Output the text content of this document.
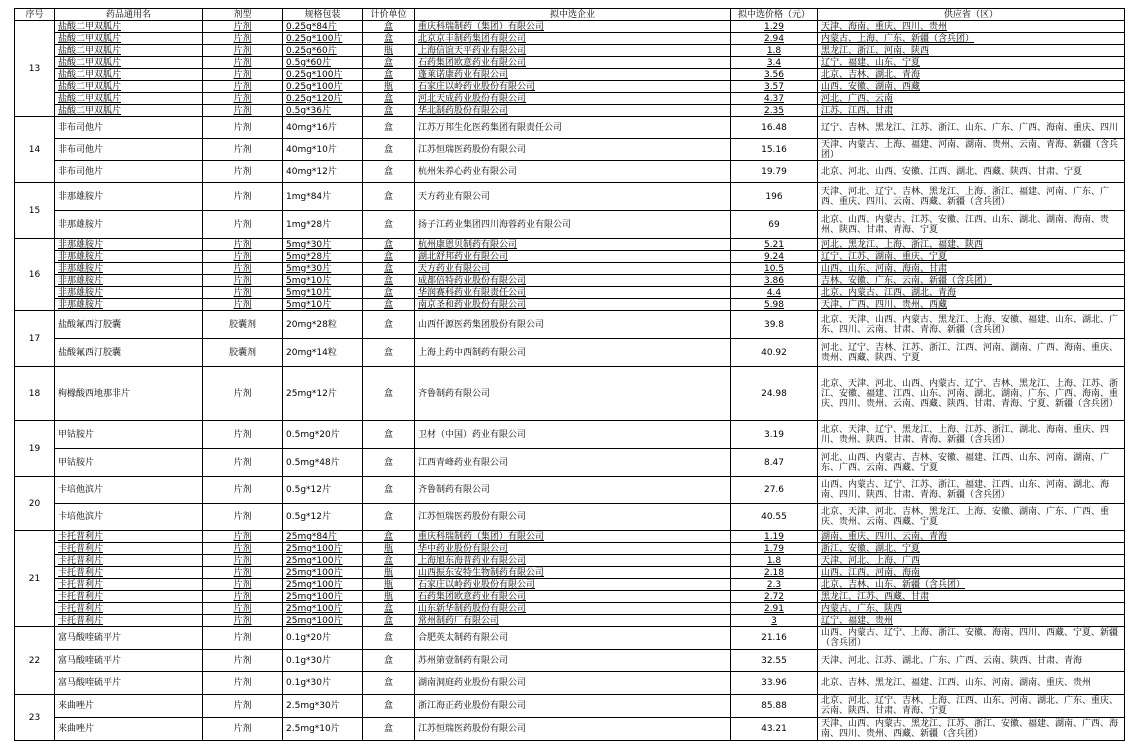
序号	药品通用名	剂型	规格包装	计价单位	拟中选企业	拟中选价格（元）	供应省（区）
13	盐酸二甲双胍片	片剂	0.25g*84片	盒	重庆科瑞制药（集团）有限公司	1.29	天津、海南、重庆、四川、贵州
	盐酸二甲双胍片	片剂	0.25g*100片	盒	北京京丰制药集团有限公司	2.94	内蒙古、上海、广东、新疆（含兵团）
	盐酸二甲双胍片	片剂	0.25g*60片	瓶	上海信谊天平药业有限公司	1.8	黑龙江、浙江、河南、陕西
	盐酸二甲双胍片	片剂	0.5g*60片	盒	石药集团欧意药业有限公司	3.4	辽宁、福建、山东、宁夏
	盐酸二甲双胍片	片剂	0.25g*100片	盒	蓬莱诺康药业有限公司	3.56	北京、吉林、湖北、青海
	盐酸二甲双胍片	片剂	0.25g*100片	瓶	石家庄以岭药业股份有限公司	3.57	山西、安徽、湖南、西藏
	盐酸二甲双胍片	片剂	0.25g*120片	盒	河北天成药业股份有限公司	4.37	河北、广西、云南
	盐酸二甲双胍片	片剂	0.5g*36片	盒	华北制药股份有限公司	2.35	江苏、江西、甘肃
14	非布司他片	片剂	40mg*16片	盒	江苏万邦生化医药集团有限责任公司	16.48	辽宁、吉林、黑龙江、江苏、浙江、山东、广东、广西、海南、重庆、四川
	非布司他片	片剂	40mg*10片	盒	江苏恒瑞医药股份有限公司	15.16	天津、内蒙古、上海、福建、河南、湖南、贵州、云南、青海、新疆（含兵团）
	非布司他片	片剂	40mg*12片	盒	杭州朱养心药业有限公司	19.79	北京、河北、山西、安徽、江西、湖北、西藏、陕西、甘肃、宁夏
15	非那雄胺片	片剂	1mg*84片	盒	天方药业有限公司	196	天津、河北、辽宁、吉林、黑龙江、上海、浙江、福建、河南、广东、广西、重庆、四川、云南、西藏、新疆（含兵团）
	非那雄胺片	片剂	1mg*28片	盒	扬子江药业集团四川海蓉药业有限公司	69	北京、山西、内蒙古、江苏、安徽、江西、山东、湖北、湖南、海南、贵州、陕西、甘肃、青海、宁夏
16	非那雄胺片	片剂	5mg*30片	盒	杭州康恩贝制药有限公司	5.21	河北、黑龙江、上海、浙江、福建、陕西
	非那雄胺片	片剂	5mg*28片	盒	湖北舒邦药业有限公司	9.24	辽宁、江苏、湖南、重庆、宁夏
	非那雄胺片	片剂	5mg*30片	盒	天方药业有限公司	10.5	山西、山东、河南、海南、甘肃
	非那雄胺片	片剂	5mg*10片	盒	成都倍特药业股份有限公司	3.86	吉林、安徽、广东、云南、新疆（含兵团）
	非那雄胺片	片剂	5mg*10片	盒	华润赛科药业有限责任公司	4.4	北京、内蒙古、江西、湖北、青海
	非那雄胺片	片剂	5mg*10片	盒	南京圣和药业股份有限公司	5.98	天津、广西、四川、贵州、西藏
17	盐酸氟西汀胶囊	胶囊剂	20mg*28粒	盒	山西仟源医药集团股份有限公司	39.8	北京、天津、山西、内蒙古、黑龙江、上海、安徽、福建、山东、湖北、广东、四川、云南、甘肃、青海、新疆（含兵团）
	盐酸氟西汀胶囊	胶囊剂	20mg*14粒	盒	上海上药中西制药有限公司	40.92	河北、辽宁、吉林、江苏、浙江、江西、河南、湖南、广西、海南、重庆、贵州、西藏、陕西、宁夏
18	枸橼酸西地那非片	片剂	25mg*12片	盒	齐鲁制药有限公司	24.98	北京、天津、河北、山西、内蒙古、辽宁、吉林、黑龙江、上海、江苏、浙江、安徽、福建、江西、山东、河南、湖北、湖南、广东、广西、海南、重庆、四川、贵州、云南、西藏、陕西、甘肃、青海、宁夏、新疆（含兵团）
19	甲钴胺片	片剂	0.5mg*20片	盒	卫材（中国）药业有限公司	3.19	北京、天津、辽宁、黑龙江、上海、江苏、浙江、湖北、海南、重庆、四川、贵州、陕西、甘肃、青海、新疆（含兵团）
	甲钴胺片	片剂	0.5mg*48片	盒	江西青峰药业有限公司	8.47	河北、山西、内蒙古、吉林、安徽、福建、江西、山东、河南、湖南、广东、广西、云南、西藏、宁夏
20	卡培他滨片	片剂	0.5g*12片	盒	齐鲁制药有限公司	27.6	山西、内蒙古、辽宁、江苏、浙江、福建、江西、山东、河南、湖北、海南、四川、陕西、甘肃、青海、新疆（含兵团）
	卡培他滨片	片剂	0.5g*12片	盒	江苏恒瑞医药股份有限公司	40.55	北京、天津、河北、吉林、黑龙江、上海、安徽、湖南、广东、广西、重庆、贵州、云南、西藏、宁夏
21	卡托普利片	片剂	25mg*84片	盒	重庆科瑞制药（集团）有限公司	1.19	湖南、重庆、四川、云南、青海
	卡托普利片	片剂	25mg*100片	瓶	华中药业股份有限公司	1.79	浙江、安徽、湖北、宁夏
	卡托普利片	片剂	25mg*100片	盒	上海旭东海普药业有限公司	1.8	天津、河北、上海、广西
	卡托普利片	片剂	25mg*100片	瓶	山西振东安特生物制药有限公司	2.18	山西、江西、河南、海南
	卡托普利片	片剂	25mg*100片	瓶	石家庄以岭药业股份有限公司	2.3	北京、吉林、山东、新疆（含兵团）
	卡托普利片	片剂	25mg*100片	瓶	石药集团欧意药业有限公司	2.72	黑龙江、江苏、西藏、甘肃
	卡托普利片	片剂	25mg*100片	盒	山东新华制药股份有限公司	2.91	内蒙古、广东、陕西
	卡托普利片	片剂	25mg*100片	盒	常州制药厂有限公司	3	辽宁、福建、贵州
22	富马酸喹硫平片	片剂	0.1g*20片	盒	合肥英太制药有限公司	21.16	山西、内蒙古、辽宁、上海、浙江、安徽、海南、四川、西藏、宁夏、新疆（含兵团）
	富马酸喹硫平片	片剂	0.1g*30片	盒	苏州第壹制药有限公司	32.55	天津、河北、江苏、湖北、广东、广西、云南、陕西、甘肃、青海
	富马酸喹硫平片	片剂	0.1g*30片	盒	湖南洞庭药业股份有限公司	33.96	北京、吉林、黑龙江、福建、江西、山东、河南、湖南、重庆、贵州
23	来曲唑片	片剂	2.5mg*30片	盒	浙江海正药业股份有限公司	85.88	北京、河北、辽宁、吉林、上海、江西、山东、河南、湖北、广东、重庆、云南、陕西、甘肃、青海、宁夏
	来曲唑片	片剂	2.5mg*10片	盒	江苏恒瑞医药股份有限公司	43.21	天津、山西、内蒙古、黑龙江、江苏、浙江、安徽、福建、湖南、广西、海南、四川、贵州、西藏、新疆（含兵团）
